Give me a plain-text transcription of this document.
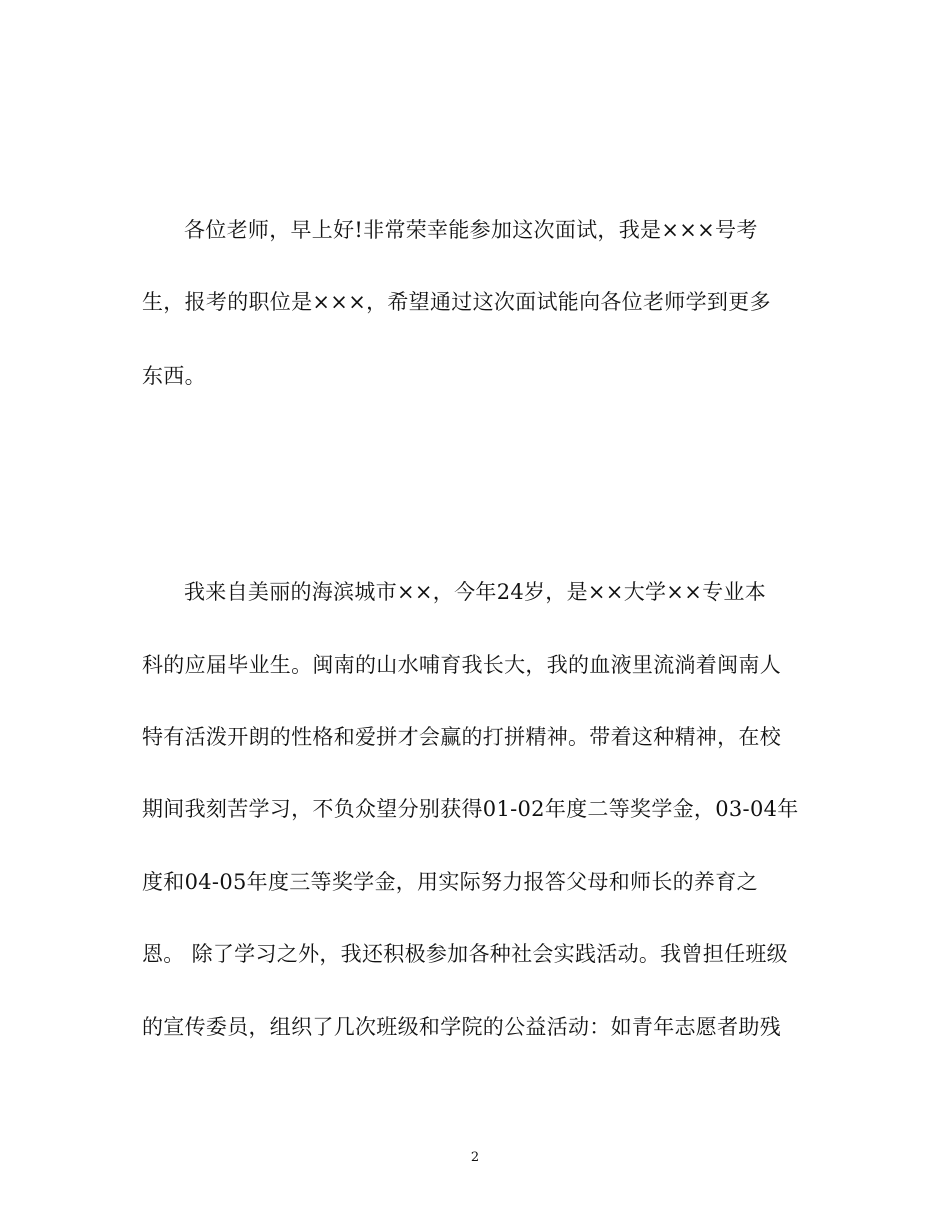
各位老师，早上好!非常荣幸能参加这次面试，我是×××号考
生，报考的职位是×××，希望通过这次面试能向各位老师学到更多
东西。
我来自美丽的海滨城市××，今年24岁，是××大学××专业本
科的应届毕业生。闽南的山水哺育我长大，我的血液里流淌着闽南人
特有活泼开朗的性格和爱拼才会赢的打拼精神。带着这种精神，在校
期间我刻苦学习，不负众望分别获得01-02年度二等奖学金，03-04年
度和04-05年度三等奖学金，用实际努力报答父母和师长的养育之
恩。 除了学习之外，我还积极参加各种社会实践活动。我曾担任班级
的宣传委员，组织了几次班级和学院的公益活动：如青年志愿者助残
2
